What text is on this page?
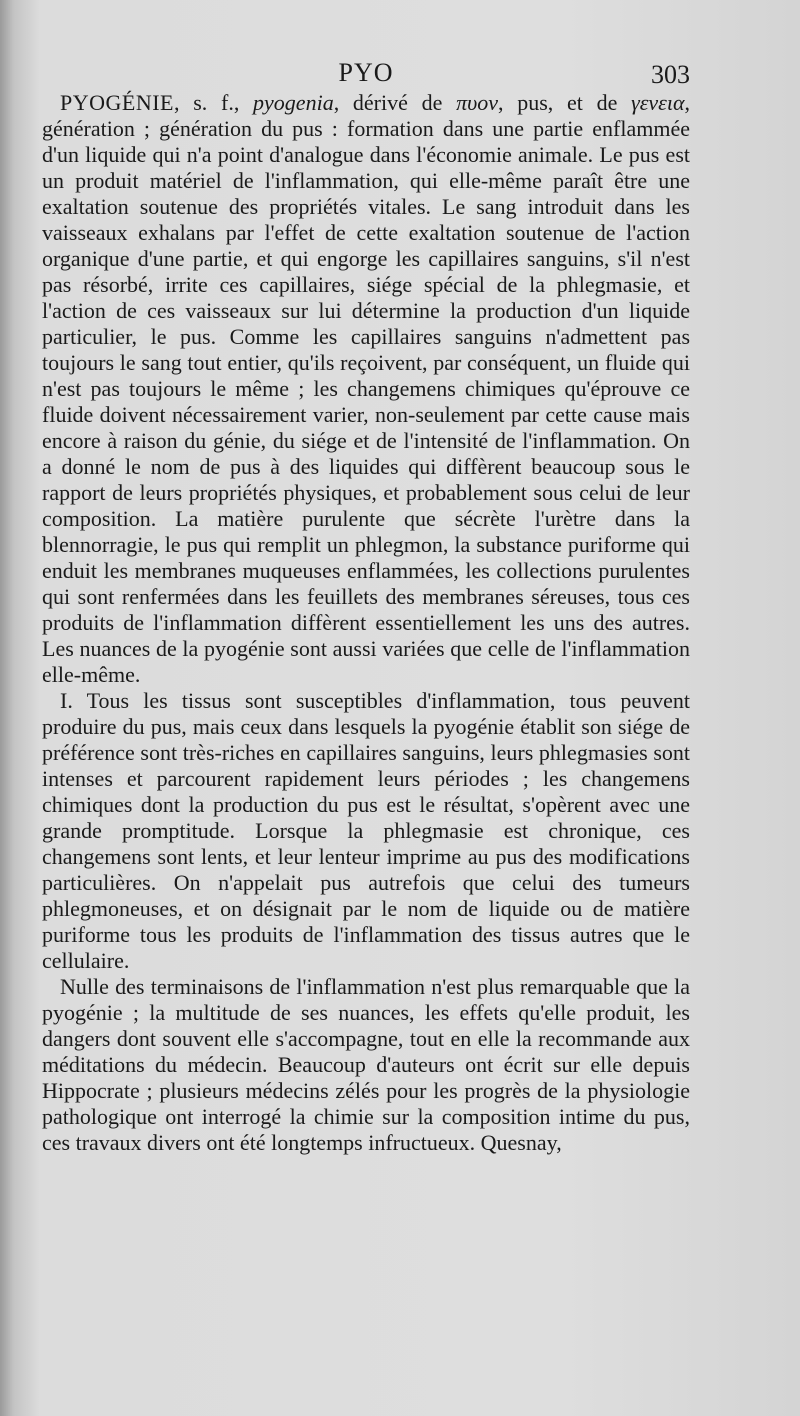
PYO	303

PYOGÉNIE, s. f., pyogenia, dérivé de πυον, pus, et de γενεια, génération ; génération du pus : formation dans une partie enflammée d'un liquide qui n'a point d'analogue dans l'économie animale. Le pus est un produit matériel de l'inflammation, qui elle-même paraît être une exaltation soutenue des propriétés vitales. Le sang introduit dans les vaisseaux exhalans par l'effet de cette exaltation soutenue de l'action organique d'une partie, et qui engorge les capillaires sanguins, s'il n'est pas résorbé, irrite ces capillaires, siége spécial de la phlegmasie, et l'action de ces vaisseaux sur lui détermine la production d'un liquide particulier, le pus. Comme les capillaires sanguins n'admettent pas toujours le sang tout entier, qu'ils reçoivent, par conséquent, un fluide qui n'est pas toujours le même ; les changemens chimiques qu'éprouve ce fluide doivent nécessairement varier, non-seulement par cette cause mais encore à raison du génie, du siége et de l'intensité de l'inflammation. On a donné le nom de pus à des liquides qui diffèrent beaucoup sous le rapport de leurs propriétés physiques, et probablement sous celui de leur composition. La matière purulente que sécrète l'urètre dans la blennorragie, le pus qui remplit un phlegmon, la substance puriforme qui enduit les membranes muqueuses enflammées, les collections purulentes qui sont renfermées dans les feuillets des membranes séreuses, tous ces produits de l'inflammation diffèrent essentiellement les uns des autres. Les nuances de la pyogénie sont aussi variées que celle de l'inflammation elle-même.

I. Tous les tissus sont susceptibles d'inflammation, tous peuvent produire du pus, mais ceux dans lesquels la pyogénie établit son siége de préférence sont très-riches en capillaires sanguins, leurs phlegmasies sont intenses et parcourent rapidement leurs périodes ; les changemens chimiques dont la production du pus est le résultat, s'opèrent avec une grande promptitude. Lorsque la phlegmasie est chronique, ces changemens sont lents, et leur lenteur imprime au pus des modifications particulières. On n'appelait pus autrefois que celui des tumeurs phlegmoneuses, et on désignait par le nom de liquide ou de matière puriforme tous les produits de l'inflammation des tissus autres que le cellulaire.

Nulle des terminaisons de l'inflammation n'est plus remarquable que la pyogénie ; la multitude de ses nuances, les effets qu'elle produit, les dangers dont souvent elle s'accompagne, tout en elle la recommande aux méditations du médecin. Beaucoup d'auteurs ont écrit sur elle depuis Hippocrate ; plusieurs médecins zélés pour les progrès de la physiologie pathologique ont interrogé la chimie sur la composition intime du pus, ces travaux divers ont été longtemps infructueux. Quesnay,
